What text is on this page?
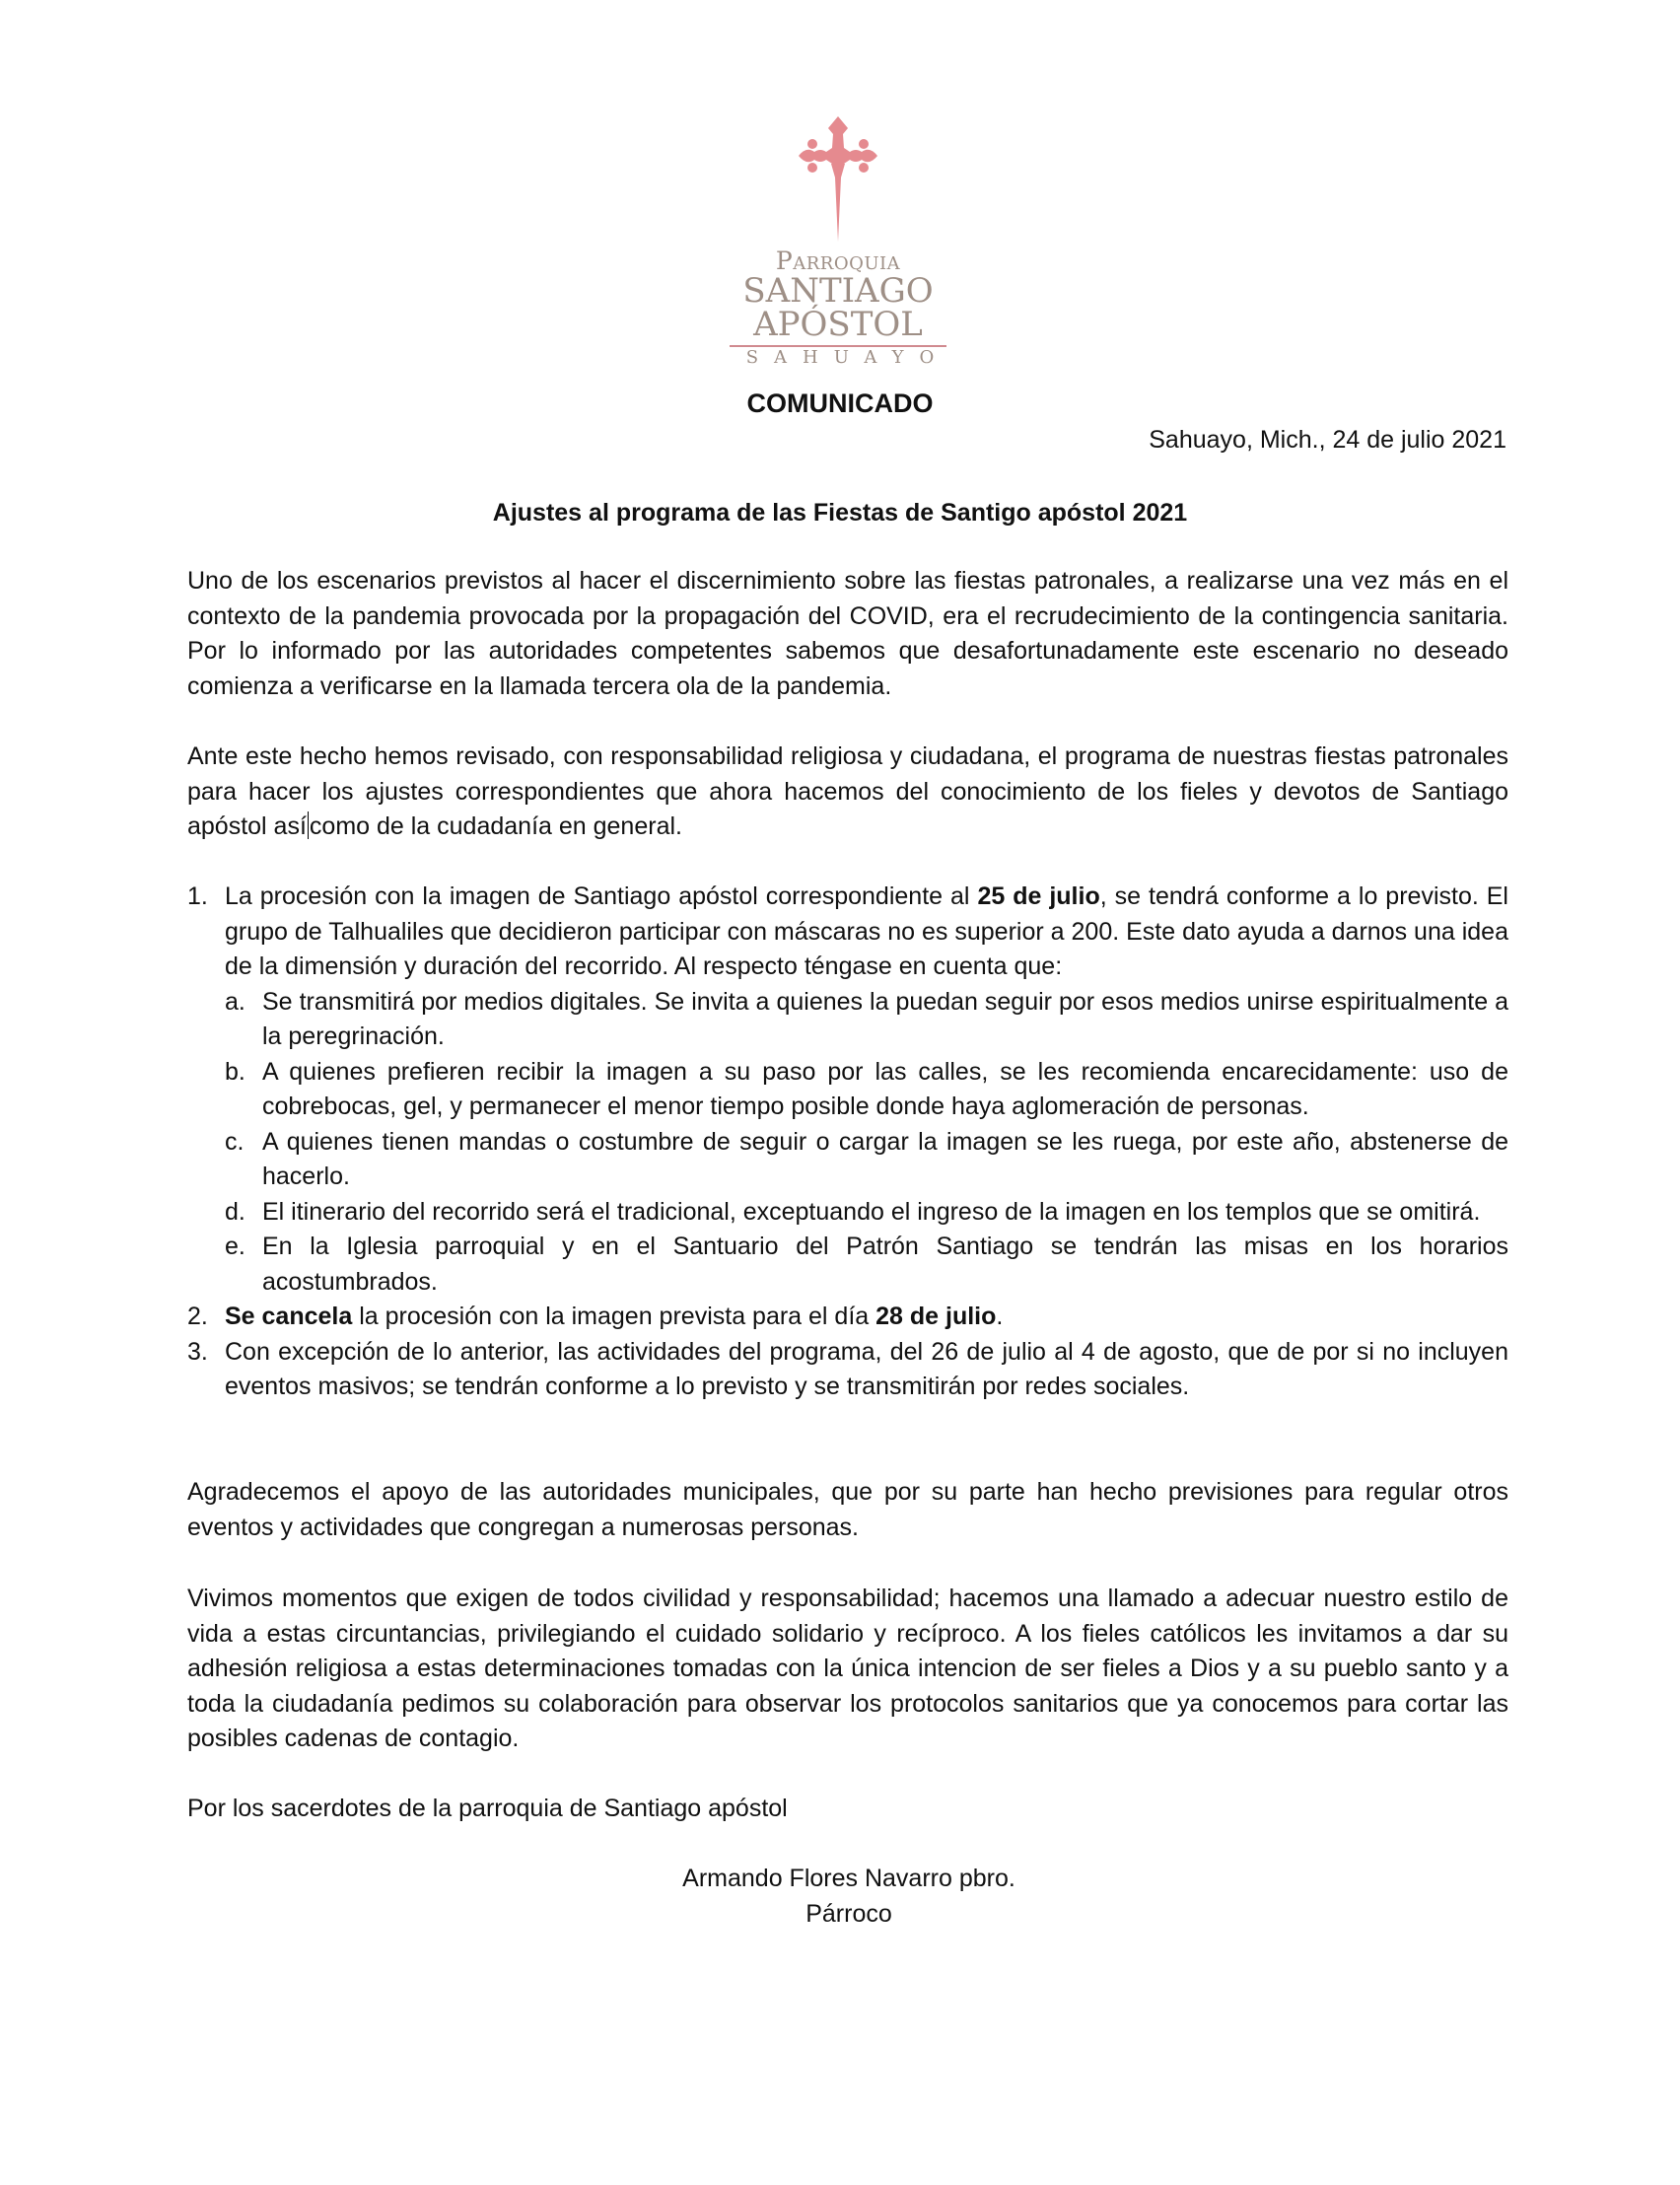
Parroquia
SANTIAGO
APÓSTOL
SAHUAYO
COMUNICADO
Sahuayo, Mich., 24 de julio 2021
Ajustes al programa de las Fiestas de Santigo apóstol 2021

Uno de los escenarios previstos al hacer el discernimiento sobre las fiestas patronales, a realizarse una vez más en el contexto de la pandemia provocada por la propagación del COVID, era el recrudecimiento de la contingencia sanitaria. Por lo informado por las autoridades competentes sabemos que desafortunadamente este escenario no deseado comienza a verificarse en la llamada tercera ola de la pandemia.

Ante este hecho hemos revisado, con responsabilidad religiosa y ciudadana, el programa de nuestras fiestas patronales para hacer los ajustes correspondientes que ahora hacemos del conocimiento de los fieles y devotos de Santiago apóstol así como de la cudadanía en general.

1. La procesión con la imagen de Santiago apóstol correspondiente al 25 de julio, se tendrá conforme a lo previsto. El grupo de Talhualiles que decidieron participar con máscaras no es superior a 200. Este dato ayuda a darnos una idea de la dimensión y duración del recorrido. Al respecto téngase en cuenta que:
a. Se transmitirá por medios digitales. Se invita a quienes la puedan seguir por esos medios unirse espiritualmente a la peregrinación.
b. A quienes prefieren recibir la imagen a su paso por las calles, se les recomienda encarecidamente: uso de cobrebocas, gel, y permanecer el menor tiempo posible donde haya aglomeración de personas.
c. A quienes tienen mandas o costumbre de seguir o cargar la imagen se les ruega, por este año, abstenerse de hacerlo.
d. El itinerario del recorrido será el tradicional, exceptuando el ingreso de la imagen en los templos que se omitirá.
e. En la Iglesia parroquial y en el Santuario del Patrón Santiago se tendrán las misas en los horarios acostumbrados.
2. Se cancela la procesión con la imagen prevista para el día 28 de julio.
3. Con excepción de lo anterior, las actividades del programa, del 26 de julio al 4 de agosto, que de por si no incluyen eventos masivos; se tendrán conforme a lo previsto y se transmitirán por redes sociales.

Agradecemos el apoyo de las autoridades municipales, que por su parte han hecho previsiones para regular otros eventos y actividades que congregan a numerosas personas.

Vivimos momentos que exigen de todos civilidad y responsabilidad; hacemos una llamado a adecuar nuestro estilo de vida a estas circuntancias, privilegiando el cuidado solidario y recíproco. A los fieles católicos les invitamos a dar su adhesión religiosa a estas determinaciones tomadas con la única intencion de ser fieles a Dios y a su pueblo santo y a toda la ciudadanía pedimos su colaboración para observar los protocolos sanitarios que ya conocemos para cortar las posibles cadenas de contagio.

Por los sacerdotes de la parroquia de Santiago apóstol

Armando Flores Navarro pbro.
Párroco
